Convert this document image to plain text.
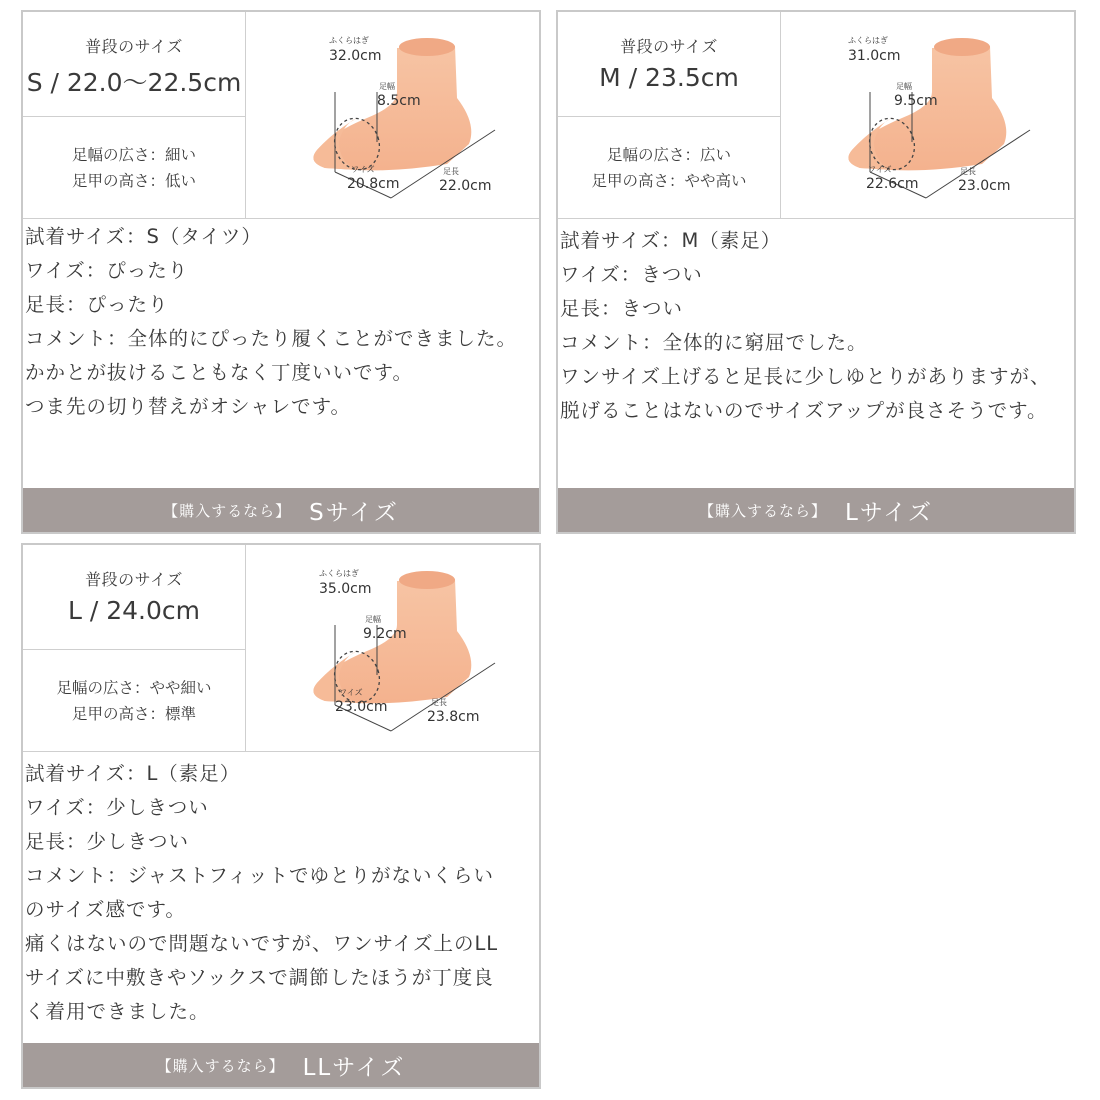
普段のサイズ
S / 22.0〜22.5cm
足幅の広さ：細い
足甲の高さ：低い
ふくらはぎ
32.0cm
足幅
8.5cm
ワイズ
20.8cm
足長
22.0cm
試着サイズ：S（タイツ）
ワイズ：ぴったり
足長：ぴったり
コメント：全体的にぴったり履くことができました。
かかとが抜けることもなく丁度いいです。
つま先の切り替えがオシャレです。
【購入するなら】 Sサイズ
普段のサイズ
M / 23.5cm
足幅の広さ：広い
足甲の高さ：やや高い
ふくらはぎ
31.0cm
足幅
9.5cm
ワイズ
22.6cm
足長
23.0cm
試着サイズ：M（素足）
ワイズ：きつい
足長：きつい
コメント：全体的に窮屈でした。
ワンサイズ上げると足長に少しゆとりがありますが、
脱げることはないのでサイズアップが良さそうです。
【購入するなら】 Lサイズ
普段のサイズ
L / 24.0cm
足幅の広さ：やや細い
足甲の高さ：標準
ふくらはぎ
35.0cm
足幅
9.2cm
ワイズ
23.0cm	足長
23.8cm
試着サイズ：L（素足）
ワイズ：少しきつい
足長：少しきつい
コメント：ジャストフィットでゆとりがないくらい
のサイズ感です。
痛くはないので問題ないですが、ワンサイズ上のLL
サイズに中敷きやソックスで調節したほうが丁度良
く着用できました。
【購入するなら】 LLサイズ
